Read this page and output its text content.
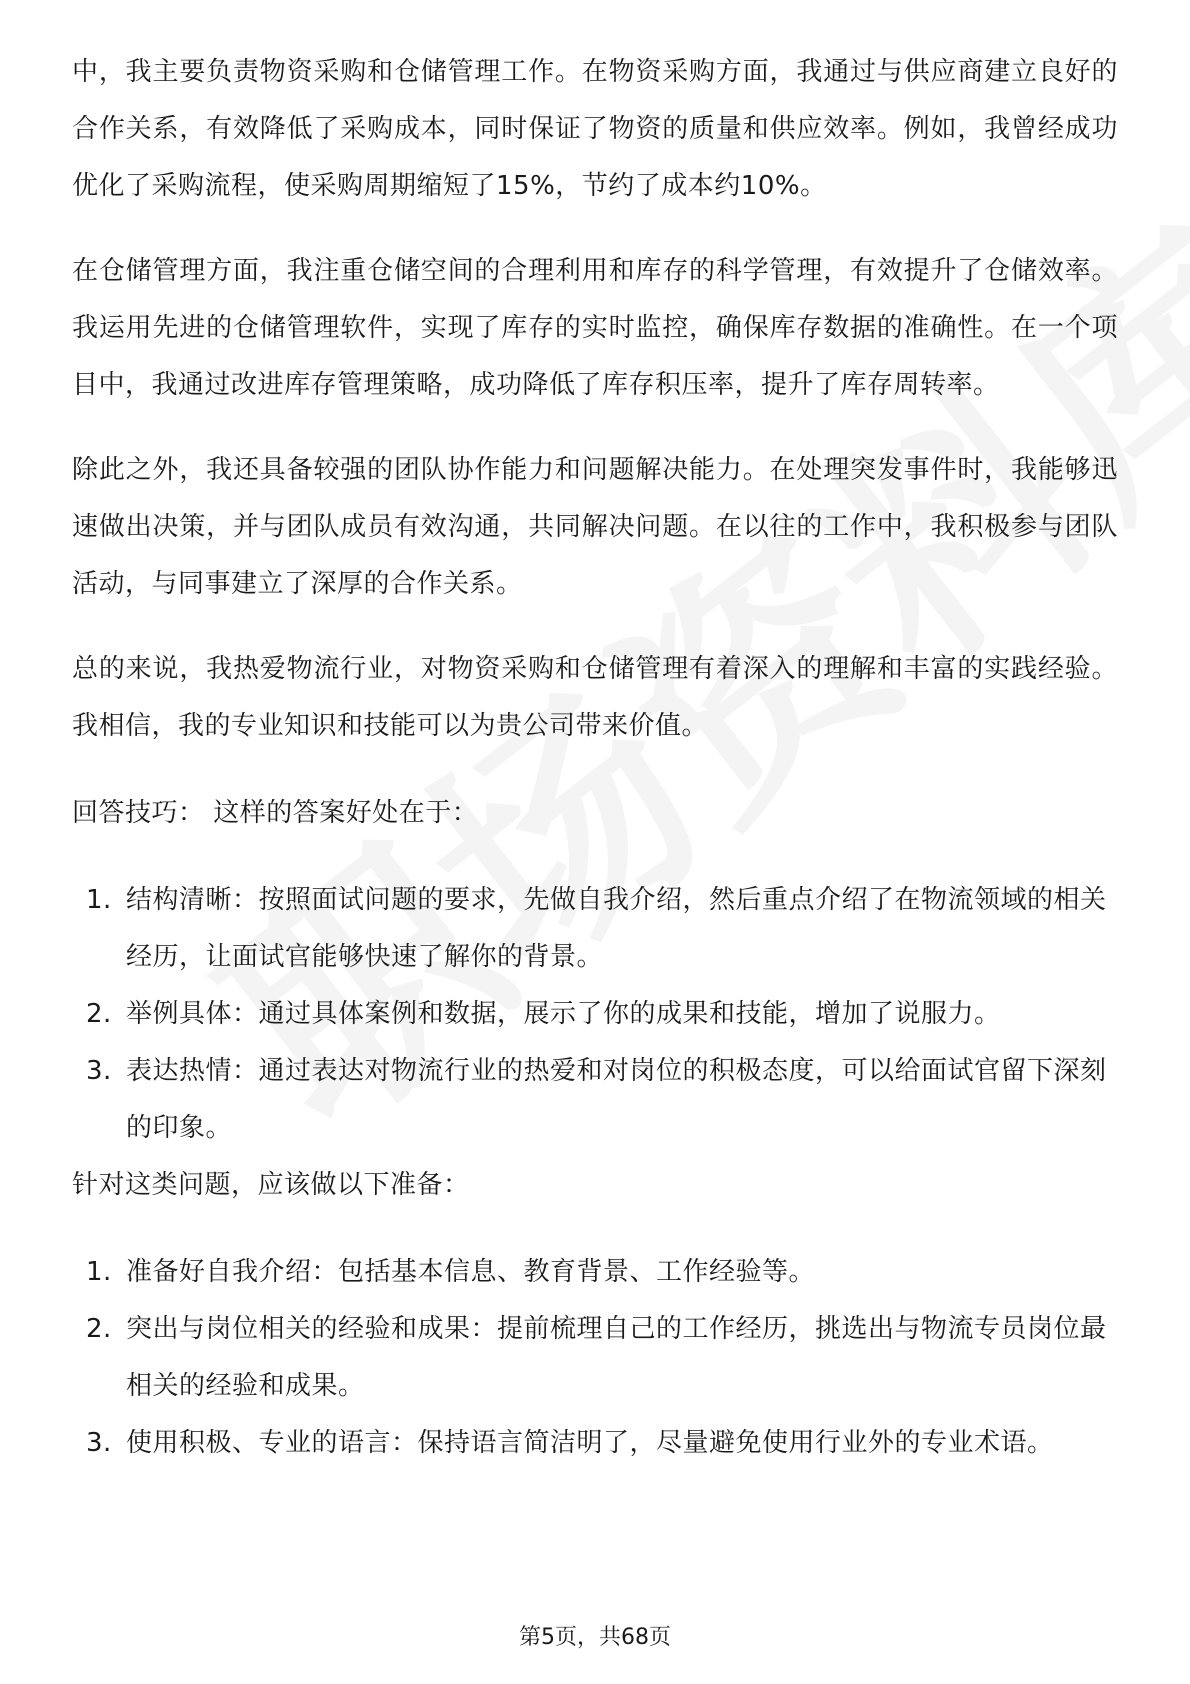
中，我主要负责物资采购和仓储管理工作。在物资采购方面，我通过与供应商建立良好的合作关系，有效降低了采购成本，同时保证了物资的质量和供应效率。例如，我曾经成功优化了采购流程，使采购周期缩短了15%，节约了成本约10%。

在仓储管理方面，我注重仓储空间的合理利用和库存的科学管理，有效提升了仓储效率。我运用先进的仓储管理软件，实现了库存的实时监控，确保库存数据的准确性。在一个项目中，我通过改进库存管理策略，成功降低了库存积压率，提升了库存周转率。

除此之外，我还具备较强的团队协作能力和问题解决能力。在处理突发事件时，我能够迅速做出决策，并与团队成员有效沟通，共同解决问题。在以往的工作中，我积极参与团队活动，与同事建立了深厚的合作关系。

总的来说，我热爱物流行业，对物资采购和仓储管理有着深入的理解和丰富的实践经验。我相信，我的专业知识和技能可以为贵公司带来价值。

回答技巧： 这样的答案好处在于：

1. 结构清晰：按照面试问题的要求，先做自我介绍，然后重点介绍了在物流领域的相关经历，让面试官能够快速了解你的背景。
2. 举例具体：通过具体案例和数据，展示了你的成果和技能，增加了说服力。
3. 表达热情：通过表达对物流行业的热爱和对岗位的积极态度，可以给面试官留下深刻的印象。

针对这类问题，应该做以下准备：

1. 准备好自我介绍：包括基本信息、教育背景、工作经验等。
2. 突出与岗位相关的经验和成果：提前梳理自己的工作经历，挑选出与物流专员岗位最相关的经验和成果。
3. 使用积极、专业的语言：保持语言简洁明了，尽量避免使用行业外的专业术语。
第5页，共68页
